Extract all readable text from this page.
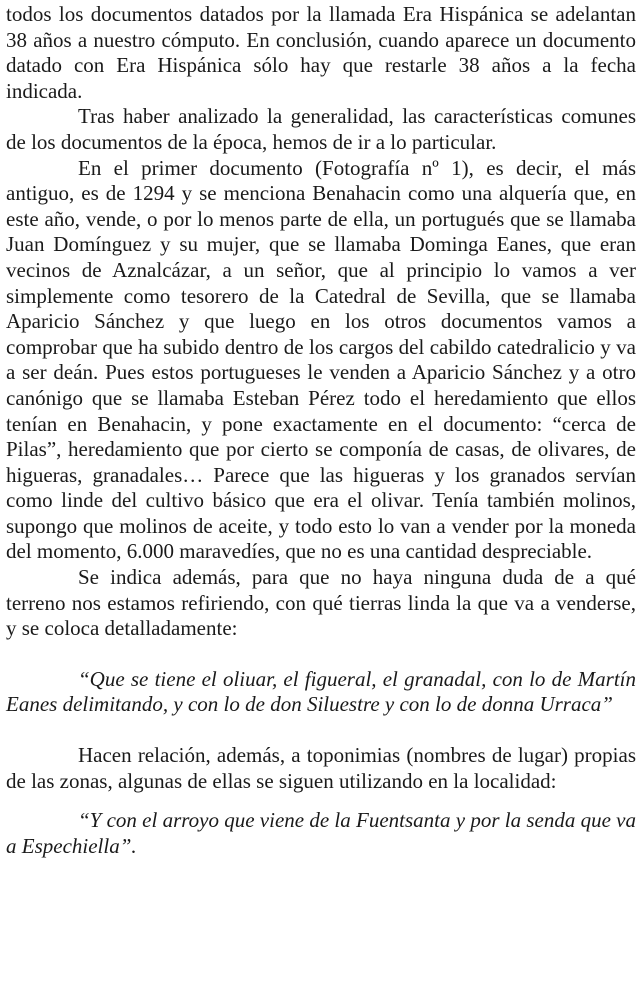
todos los documentos datados por la llamada Era Hispánica se adelantan 38 años a nuestro cómputo. En conclusión, cuando aparece un documento datado con Era Hispánica sólo hay que restarle 38 años a la fecha indicada.

Tras haber analizado la generalidad, las características comunes de los documentos de la época, hemos de ir a lo particular.

En el primer documento (Fotografía nº 1), es decir, el más antiguo, es de 1294 y se menciona Benahacin como una alquería que, en este año, vende, o por lo menos parte de ella, un portugués que se llamaba Juan Domínguez y su mujer, que se llamaba Dominga Eanes, que eran vecinos de Aznalcázar, a un señor, que al principio lo vamos a ver simplemente como tesorero de la Catedral de Sevilla, que se llamaba Aparicio Sánchez y que luego en los otros documentos vamos a comprobar que ha subido dentro de los cargos del cabildo catedralicio y va a ser deán. Pues estos portugueses le venden a Aparicio Sánchez y a otro canónigo que se llamaba Esteban Pérez todo el heredamiento que ellos tenían en Benahacin, y pone exactamente en el documento: “cerca de Pilas”, heredamiento que por cierto se componía de casas, de olivares, de higueras, granadales… Parece que las higueras y los granados servían como linde del cultivo básico que era el olivar. Tenía también molinos, supongo que molinos de aceite, y todo esto lo van a vender por la moneda del momento, 6.000 maravedíes, que no es una cantidad despreciable.

Se indica además, para que no haya ninguna duda de a qué terreno nos estamos refiriendo, con qué tierras linda la que va a venderse, y se coloca detalladamente:

“Que se tiene el oliuar, el figueral, el granadal, con lo de Martín Eanes delimitando, y con lo de don Siluestre y con lo de donna Urraca”

Hacen relación, además, a toponimias (nombres de lugar) propias de las zonas, algunas de ellas se siguen utilizando en la localidad:

“Y con el arroyo que viene de la Fuentsanta y por la senda que va a Espechiella”.
